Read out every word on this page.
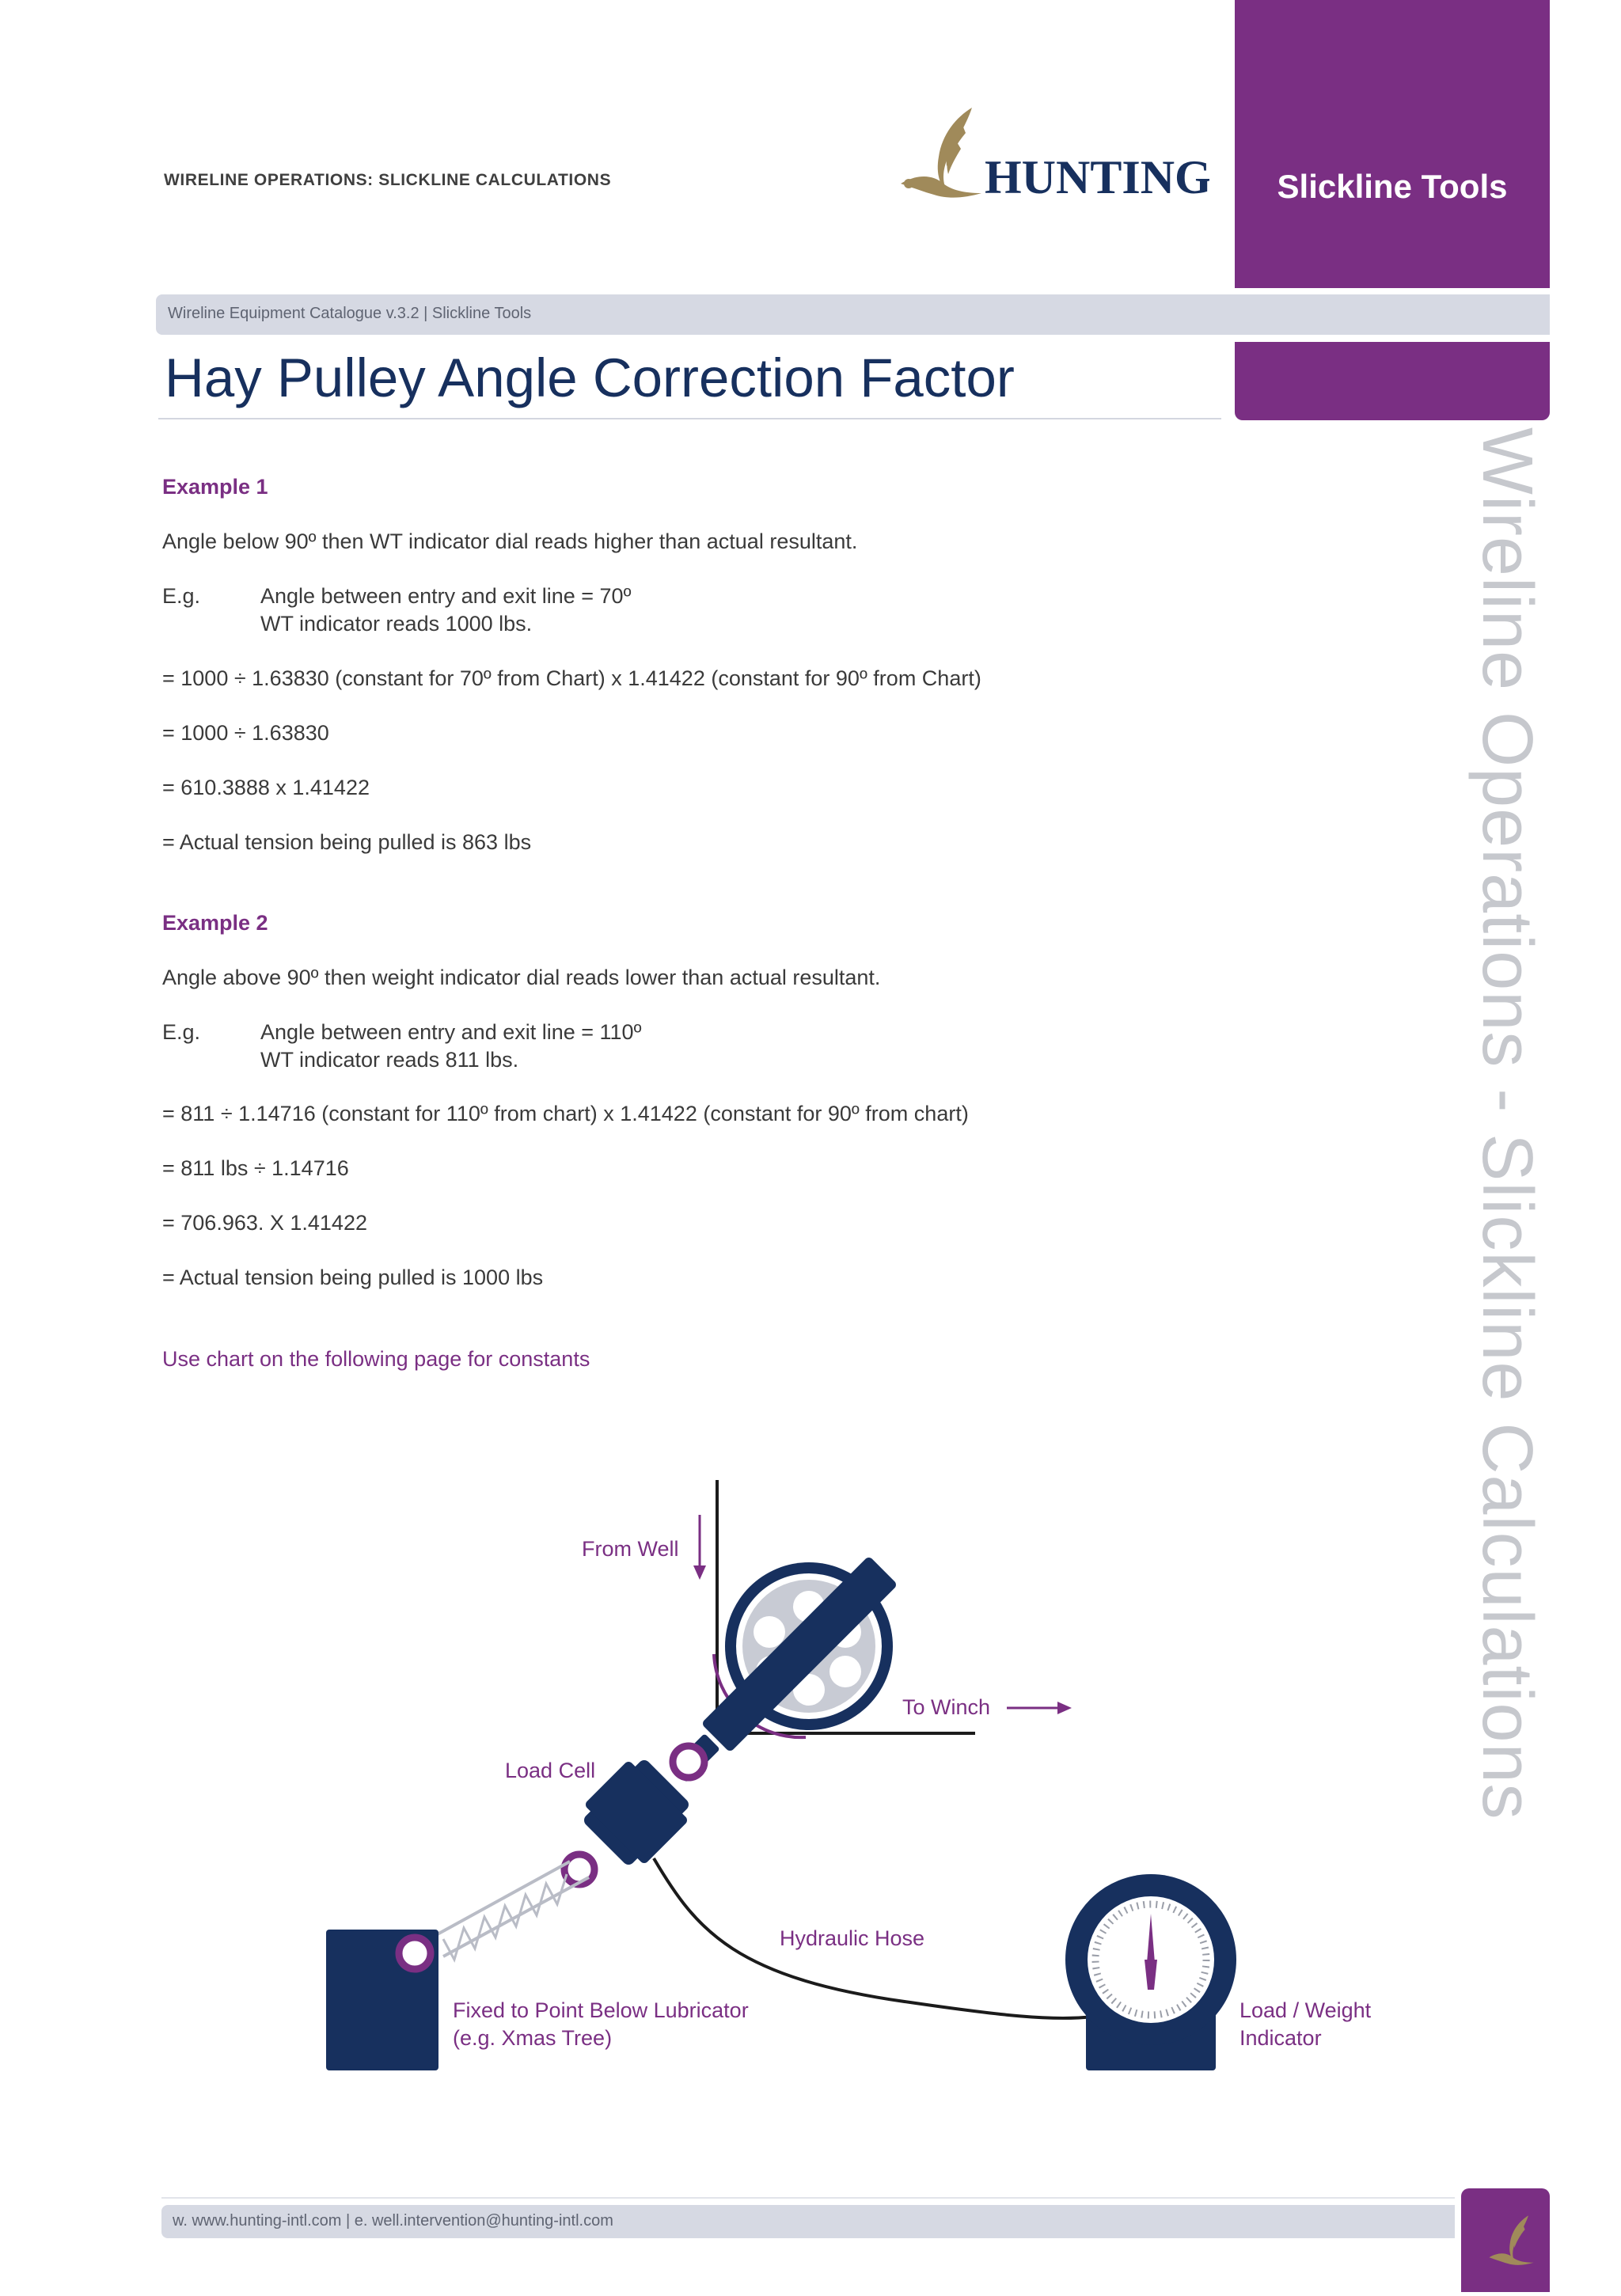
WIRELINE OPERATIONS: SLICKLINE CALCULATIONS	HUNTING	Slickline Tools
Wireline Equipment Catalogue v.3.2 | Slickline Tools
Hay Pulley Angle Correction Factor
Wireline Operations - Slickline Calculations
Example 1
Angle below 90º then WT indicator dial reads higher than actual resultant.
E.g.	Angle between entry and exit line = 70º
WT indicator reads 1000 lbs.
= 1000 ÷ 1.63830 (constant for 70º from Chart) x 1.41422 (constant for 90º from Chart)
= 1000 ÷ 1.63830
= 610.3888 x 1.41422
= Actual tension being pulled is 863 lbs
Example 2
Angle above 90º then weight indicator dial reads lower than actual resultant.
E.g.	Angle between entry and exit line = 110º
WT indicator reads 811 lbs.
= 811 ÷ 1.14716 (constant for 110º from chart) x 1.41422 (constant for 90º from chart)
= 811 lbs ÷ 1.14716
= 706.963. X 1.41422
= Actual tension being pulled is 1000 lbs
Use chart on the following page for constants
From Well
To Winch
Load Cell
Fixed to Point Below Lubricator
(e.g. Xmas Tree)
Hydraulic Hose
Load / Weight
Indicator
w. www.hunting-intl.com | e. well.intervention@hunting-intl.com
